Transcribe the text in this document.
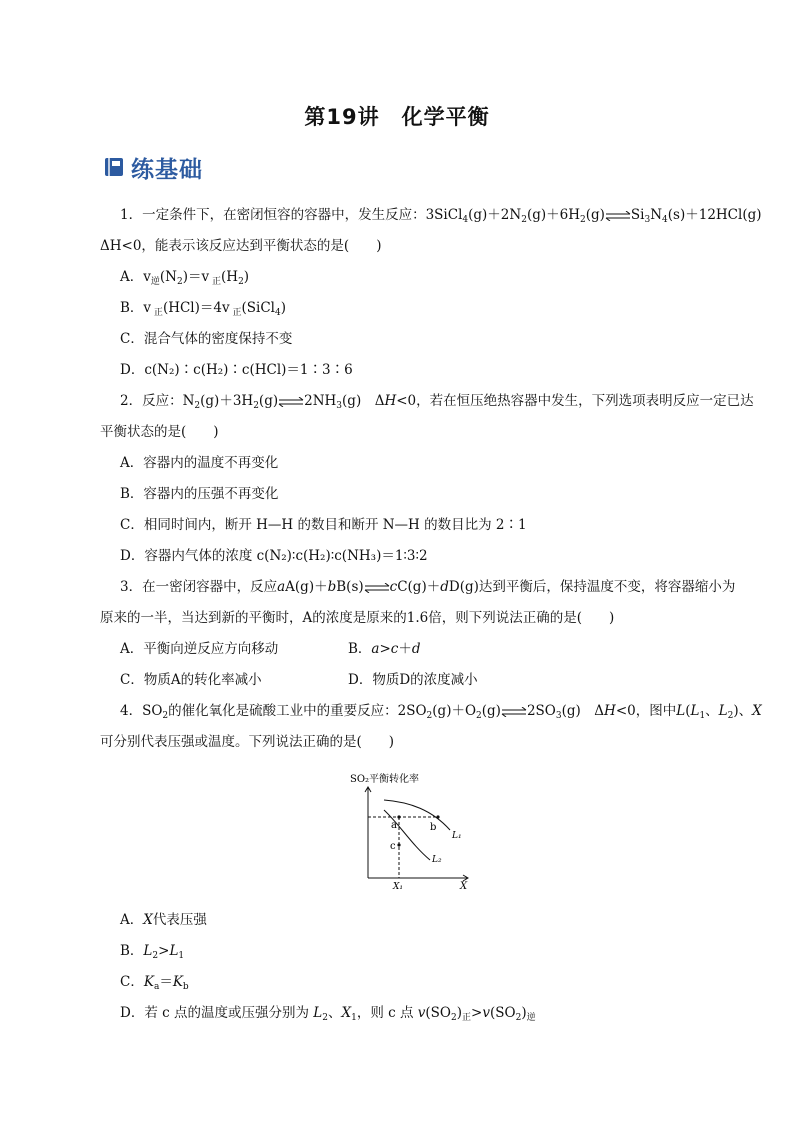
第19讲 化学平衡
练基础
1．一定条件下，在密闭恒容的容器中，发生反应：$3SiCl_4(g)+2N_2(g)+6H_2(g)\rightleftharpoons Si_3N_4(s)+12HCl(g)$
ΔH<0，能表示该反应达到平衡状态的是(　　)
A．$v_逆(N_2)=v$ $_正(H_2)$
B．v $_正$(HCl)＝4v $_正$(SiCl$_4$)
C．混合气体的密度保持不变
D．c(N₂)∶c(H₂)∶c(HCl)＝1∶3∶6
2．反应：$N_2(g)+3H_2(g)\rightleftharpoons 2NH_3(g)$　ΔH<0，若在恒压绝热容器中发生，下列选项表明反应一定已达
平衡状态的是(　　)
A．容器内的温度不再变化
B．容器内的压强不再变化
C．相同时间内，断开 H—H 的数目和断开 N—H 的数目比为 2∶1
D．容器内气体的浓度 c(N₂)∶c(H₂)∶c(NH₃)＝1∶3∶2
3．在一密闭容器中，反应aA(g)＋bB(s)⇌cC(g)＋dD(g)达到平衡后，保持温度不变，将容器缩小为
原来的一半，当达到新的平衡时，A的浓度是原来的1.6倍，则下列说法正确的是(　　)
A．平衡向逆反应方向移动	B．a>c＋d
C．物质A的转化率减小	D．物质D的浓度减小
4．$SO_2$的催化氧化是硫酸工业中的重要反应：$2SO_2(g)+O_2(g)\rightleftharpoons 2SO_3(g)$　ΔH<0，图中$L(L_1$、$L_2$)、X
可分别代表压强或温度。下列说法正确的是(　　)
SO₂平衡转化率
a	b
c
L₁
L₂
X₁	X
A．X代表压强
B．$L_2>L_1$
C．$K_a=K_b$
D．若 c 点的温度或压强分别为 $L_2$、$X_1$，则 c 点 $v(SO_2)_正>v(SO_2)_逆$
